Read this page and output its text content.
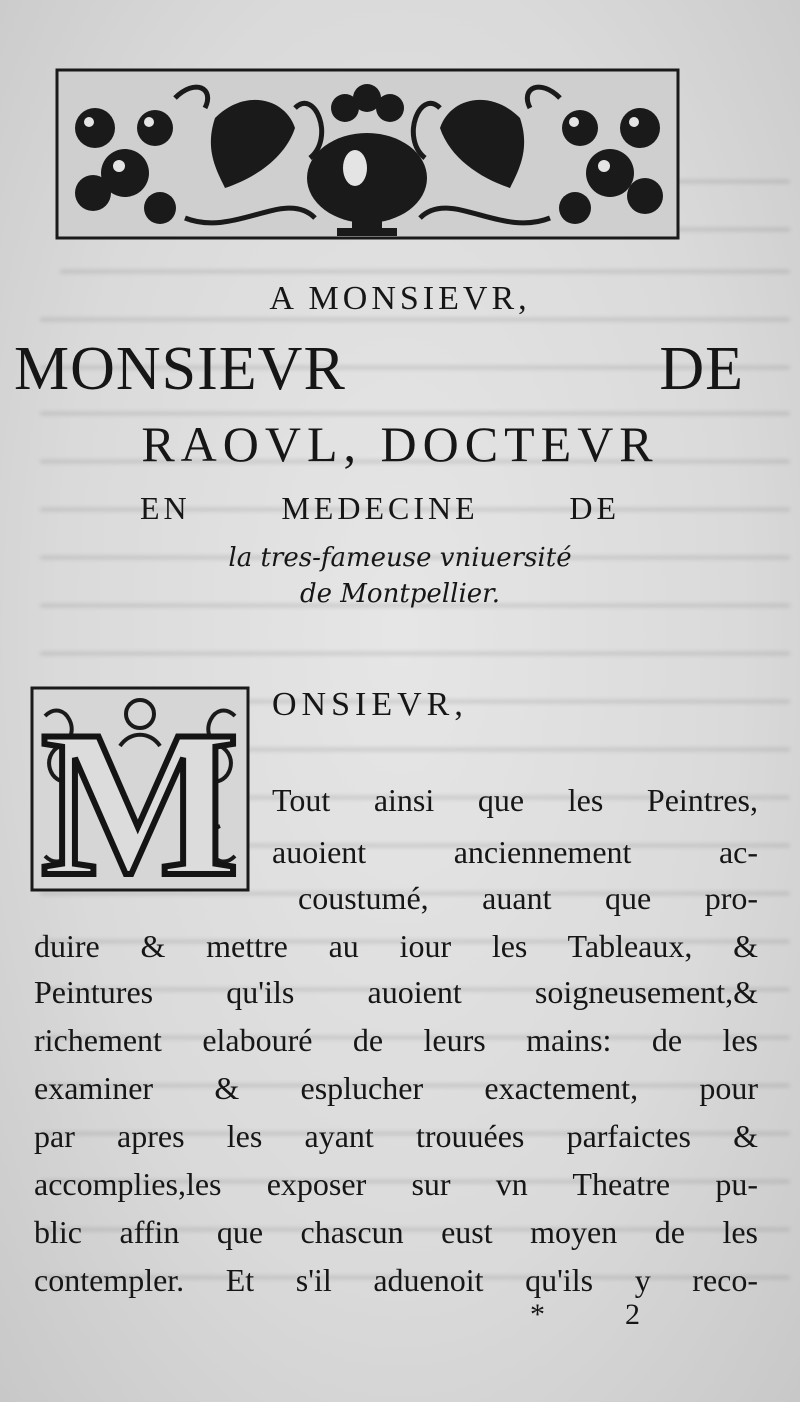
A MONSIEVR,
MONSIEVR	DE
RAOVL, DOCTEVR
EN	MEDECINE	DE
la tres-fameuse vniuersité
de Montpellier.
M ONSIEVR,
Tout ainsi que les Peintres,
auoient anciennement ac-
coustumé, auant que pro-
duire & mettre au iour les Tableaux, &
Peintures qu'ils auoient soigneusement,&
richement elabouré de leurs mains: de les
examiner & esplucher exactement, pour
par apres les ayant trouuées parfaictes &
accomplies,les exposer sur vn Theatre pu-
blic affin que chascun eust moyen de les
contempler. Et s'il aduenoit qu'ils y reco-
*	2
